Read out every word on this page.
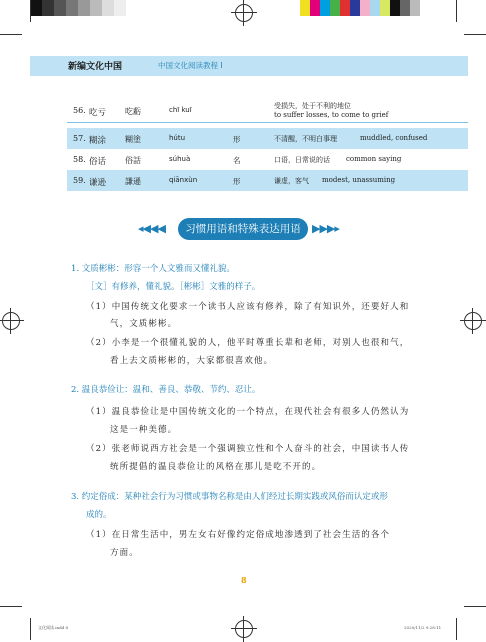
新编文化中国	中国文化阅读教程 I
56. 吃亏 吃虧	chī kuī	受损失，处于不利的地位
to suffer losses, to come to grief
57. 糊涂 糊塗	hútu	形	不清醒，不明白事理	muddled, confused
58. 俗话 俗話	súhuà	名	口语，日常说的话 common saying
59. 谦逊 謙遜	qiānxùn	形	谦虚，客气 modest, unassuming
◂◀◀◀	习惯用语和特殊表达用语	▶▶▶▸
1. 文质彬彬：形容一个人文雅而又懂礼貌。
［文］有修养，懂礼貌。［彬彬］文雅的样子。
（1）中国传统文化要求一个读书人应该有修养，除了有知识外，还要好人和
气，文质彬彬。
（2）小李是一个很懂礼貌的人，他平时尊重长辈和老师，对别人也很和气，
看上去文质彬彬的，大家都很喜欢他。
2. 温良恭俭让：温和、善良、恭敬、节约、忍让。
（1）温良恭俭让是中国传统文化的一个特点，在现代社会有很多人仍然认为
这是一种美德。
（2）张老师说西方社会是一个强调独立性和个人奋斗的社会，中国读书人传
统所提倡的温良恭俭让的风格在那儿是吃不开的。
3. 约定俗成：某种社会行为习惯或事物名称是由人们经过长期实践或风俗而认定或形
成的。
（1）在日常生活中，男左女右好像约定俗成地渗透到了社会生活的各个
方面。
8
文化阅读.indd 8	2020/11/2 9:28:11
